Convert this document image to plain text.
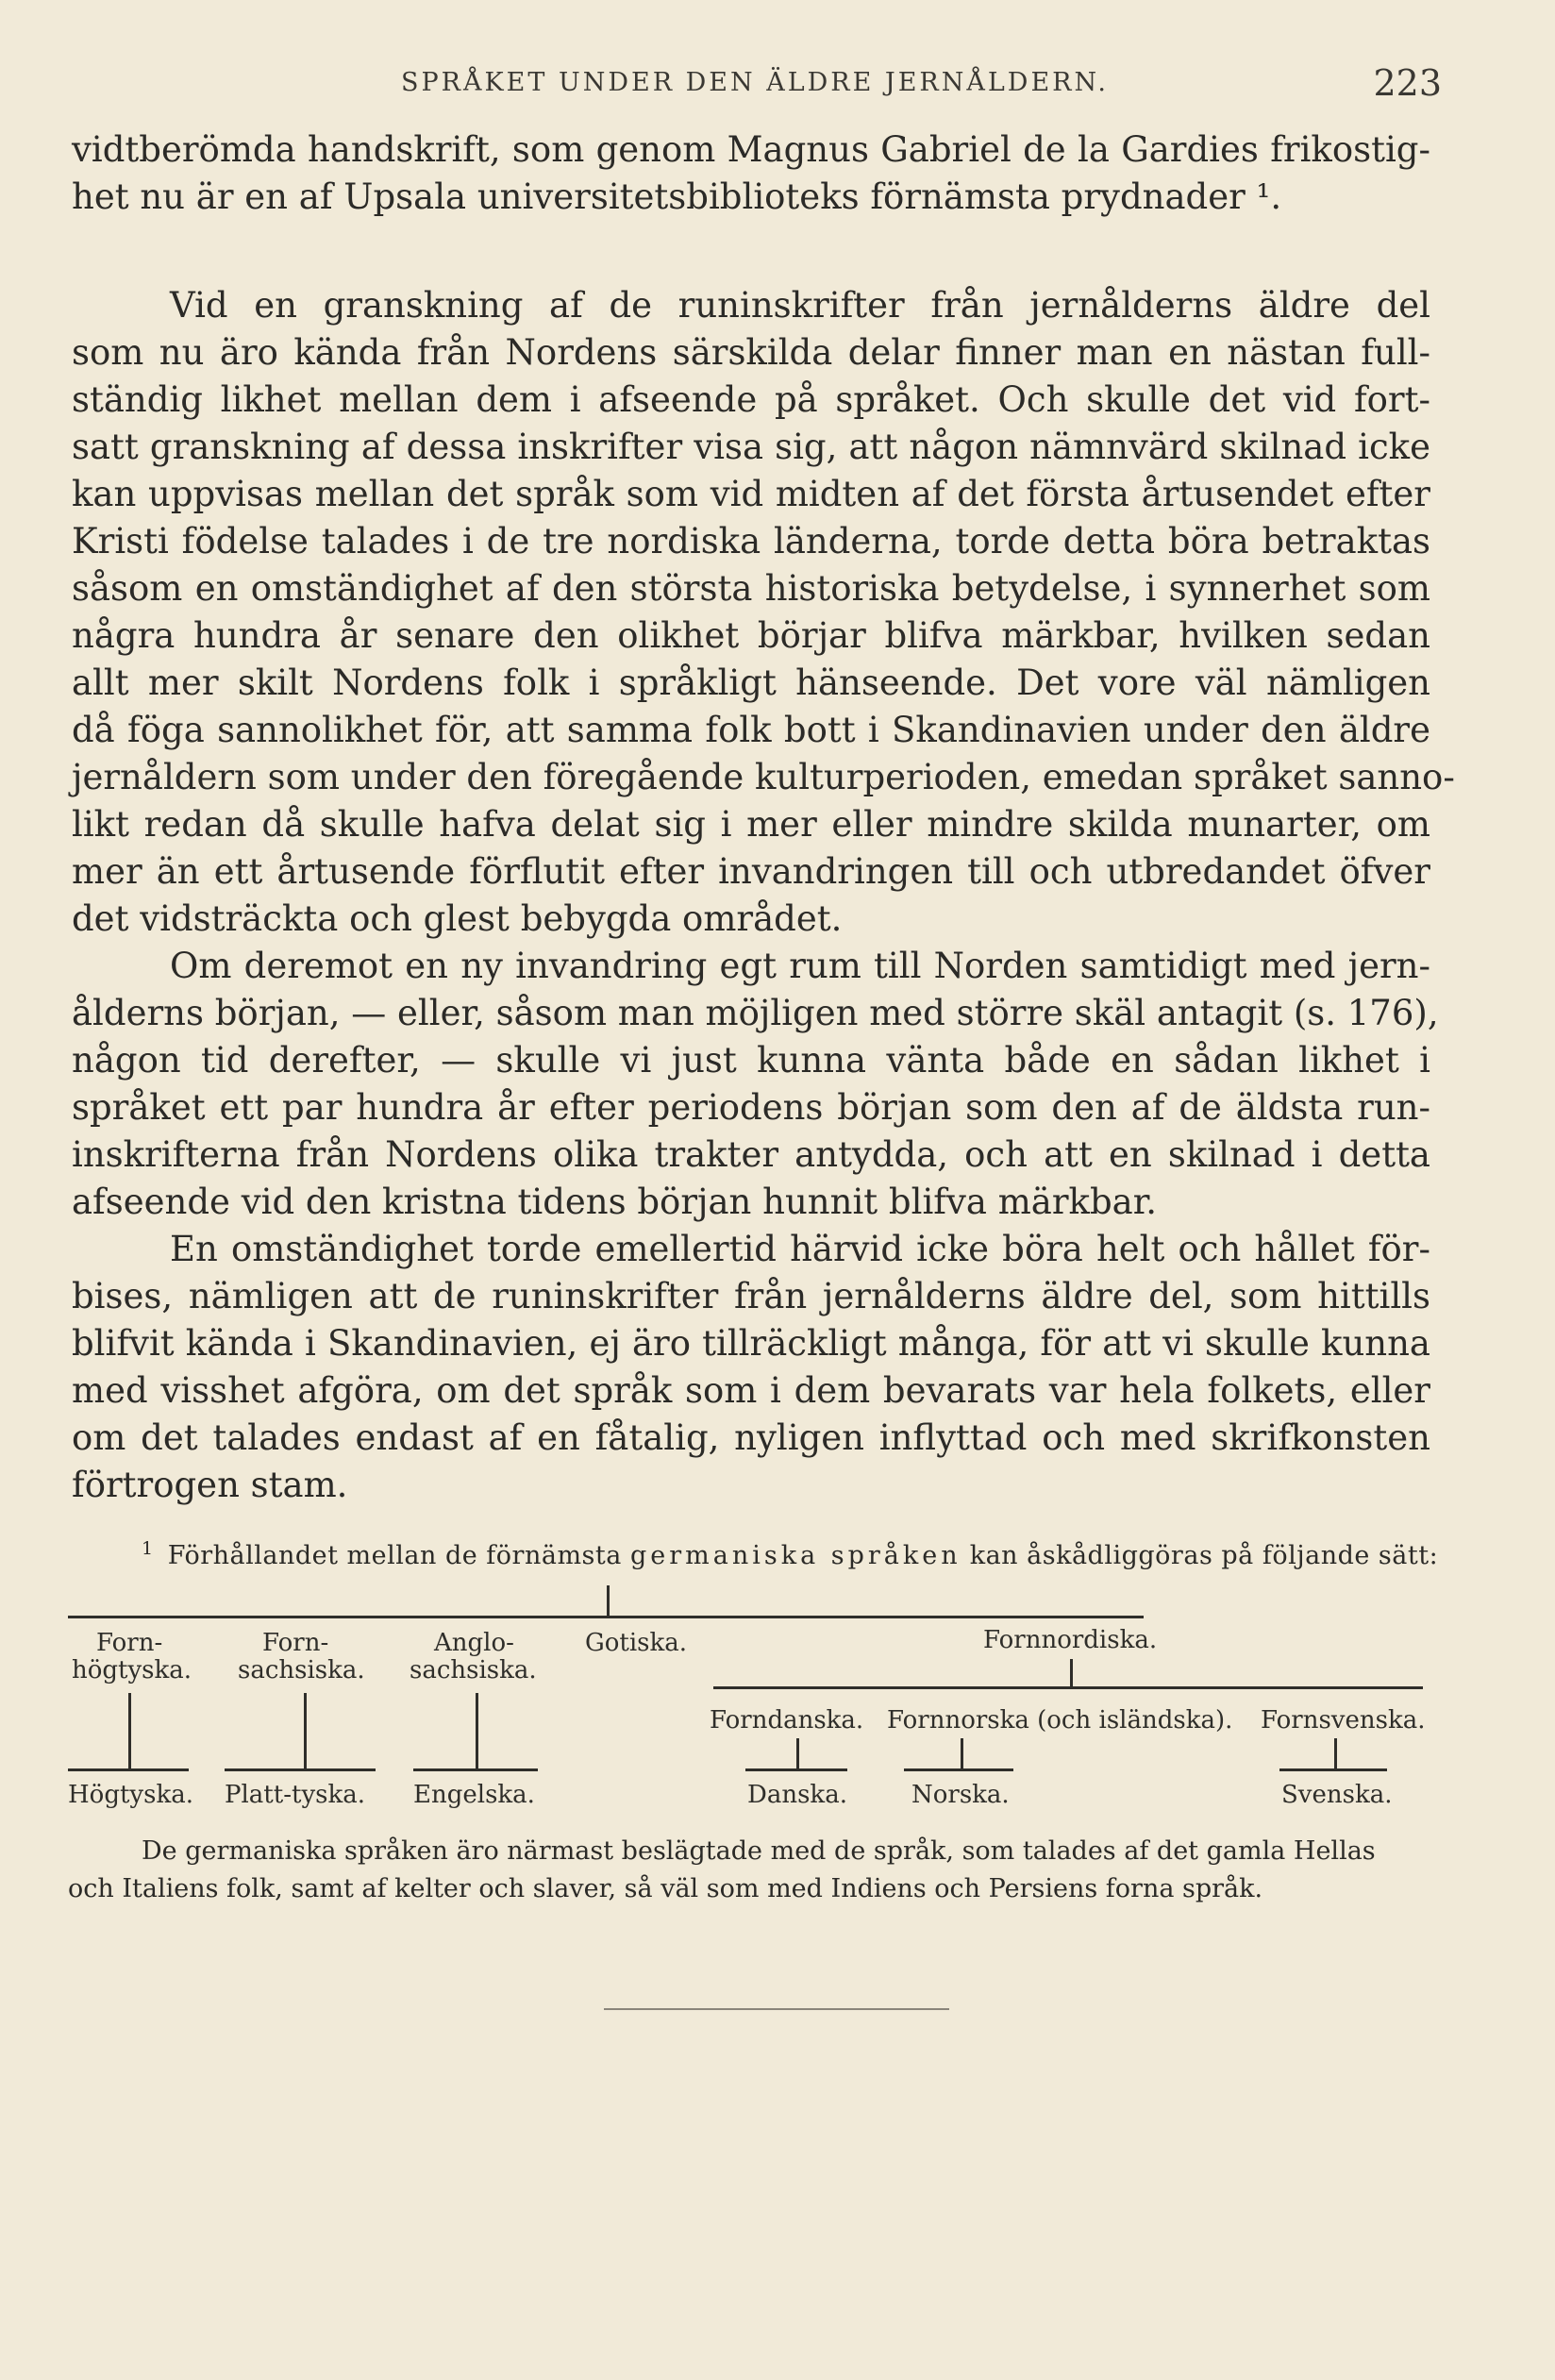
SPRÅKET UNDER DEN ÄLDRE JERNÅLDERN.	223
vidtberömda handskrift, som genom Magnus Gabriel de la Gardies frikostig-
het nu är en af Upsala universitetsbiblioteks förnämsta prydnader ¹.
Vid en granskning af de runinskrifter från jernålderns äldre del
som nu äro kända från Nordens särskilda delar finner man en nästan full-
ständig likhet mellan dem i afseende på språket. Och skulle det vid fort-
satt granskning af dessa inskrifter visa sig, att någon nämnvärd skilnad icke
kan uppvisas mellan det språk som vid midten af det första årtusendet efter
Kristi födelse talades i de tre nordiska länderna, torde detta böra betraktas
såsom en omständighet af den största historiska betydelse, i synnerhet som
några hundra år senare den olikhet börjar blifva märkbar, hvilken sedan
allt mer skilt Nordens folk i språkligt hänseende. Det vore väl nämligen
då föga sannolikhet för, att samma folk bott i Skandinavien under den äldre
jernåldern som under den föregående kulturperioden, emedan språket sanno-
likt redan då skulle hafva delat sig i mer eller mindre skilda munarter, om
mer än ett årtusende förflutit efter invandringen till och utbredandet öfver
det vidsträckta och glest bebygda området.
Om deremot en ny invandring egt rum till Norden samtidigt med jern-
ålderns början, — eller, såsom man möjligen med större skäl antagit (s. 176),
någon tid derefter, — skulle vi just kunna vänta både en sådan likhet i
språket ett par hundra år efter periodens början som den af de äldsta run-
inskrifterna från Nordens olika trakter antydda, och att en skilnad i detta
afseende vid den kristna tidens början hunnit blifva märkbar.
En omständighet torde emellertid härvid icke böra helt och hållet för-
bises, nämligen att de runinskrifter från jernålderns äldre del, som hittills
blifvit kända i Skandinavien, ej äro tillräckligt många, för att vi skulle kunna
med visshet afgöra, om det språk som i dem bevarats var hela folkets, eller
om det talades endast af en fåtalig, nyligen inflyttad och med skrifkonsten
förtrogen stam.
$^1$ Förhållandet mellan de förnämsta germaniska språken kan åskådliggöras på följande sätt:
Forn-
högtyska.
Forn-
sachsiska.
Anglo-
sachsiska.
Gotiska.	Fornnordiska.
Forndanska. Fornnorska (och isländska). Fornsvenska.
Högtyska. Platt-tyska. Engelska.	Danska.	Norska.	Svenska.
De germaniska språken äro närmast beslägtade med de språk, som talades af det gamla Hellas
och Italiens folk, samt af kelter och slaver, så väl som med Indiens och Persiens forna språk.
